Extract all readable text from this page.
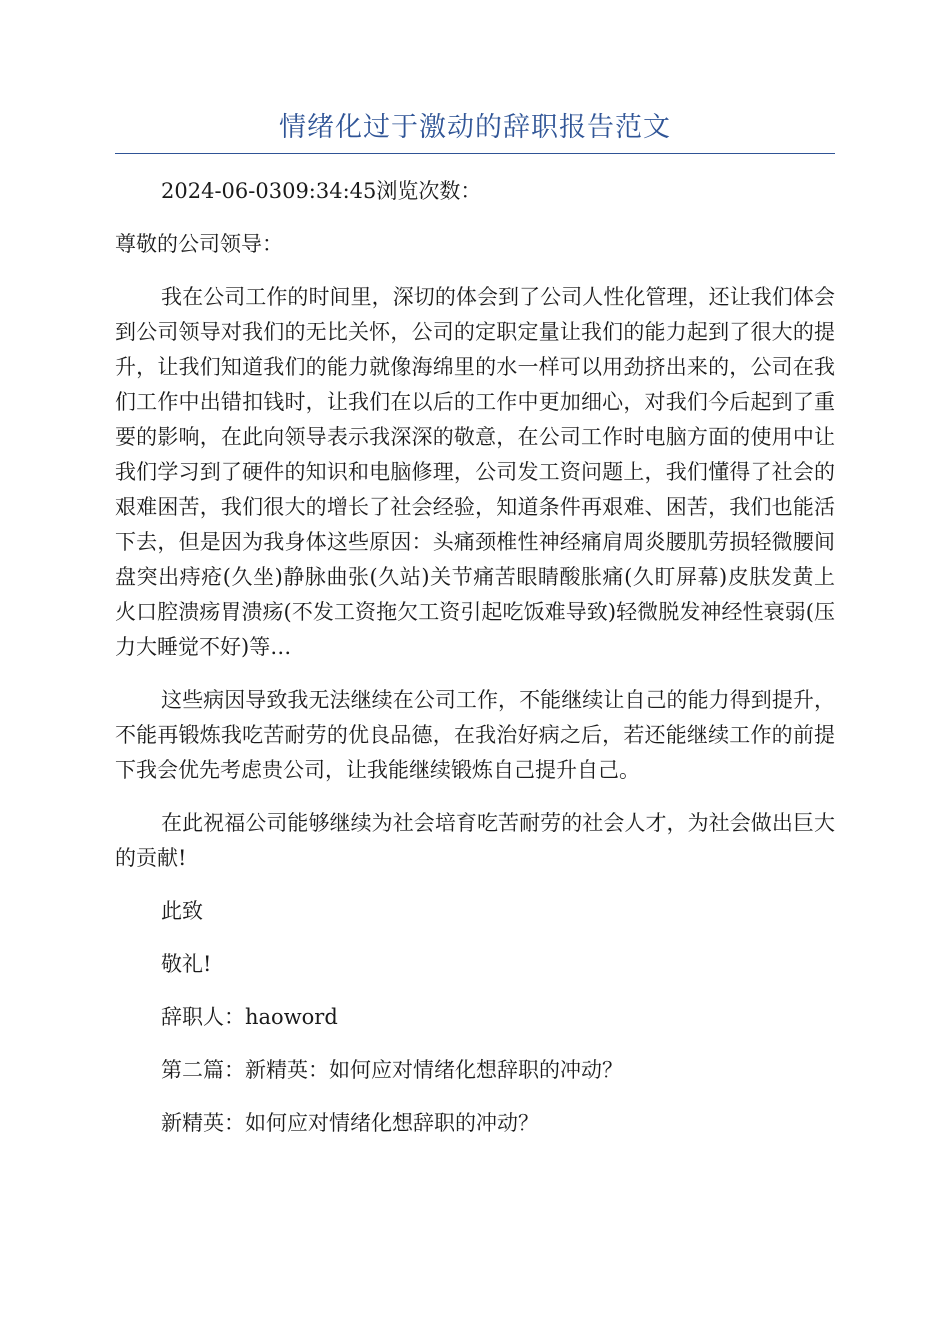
情绪化过于激动的辞职报告范文

2024-06-0309:34:45浏览次数：

尊敬的公司领导：

我在公司工作的时间里，深切的体会到了公司人性化管理，还让我们体会到公司领导对我们的无比关怀，公司的定职定量让我们的能力起到了很大的提升，让我们知道我们的能力就像海绵里的水一样可以用劲挤出来的，公司在我们工作中出错扣钱时，让我们在以后的工作中更加细心，对我们今后起到了重要的影响，在此向领导表示我深深的敬意，在公司工作时电脑方面的使用中让我们学习到了硬件的知识和电脑修理，公司发工资问题上，我们懂得了社会的艰难困苦，我们很大的增长了社会经验，知道条件再艰难、困苦，我们也能活下去，但是因为我身体这些原因：头痛颈椎性神经痛肩周炎腰肌劳损轻微腰间盘突出痔疮(久坐)静脉曲张(久站)关节痛苦眼睛酸胀痛(久盯屏幕)皮肤发黄上火口腔溃疡胃溃疡(不发工资拖欠工资引起吃饭难导致)轻微脱发神经性衰弱(压力大睡觉不好)等…

这些病因导致我无法继续在公司工作，不能继续让自己的能力得到提升，不能再锻炼我吃苦耐劳的优良品德，在我治好病之后，若还能继续工作的前提下我会优先考虑贵公司，让我能继续锻炼自己提升自己。

在此祝福公司能够继续为社会培育吃苦耐劳的社会人才，为社会做出巨大的贡献!

此致

敬礼!

辞职人：haoword

第二篇：新精英：如何应对情绪化想辞职的冲动？

新精英：如何应对情绪化想辞职的冲动？
